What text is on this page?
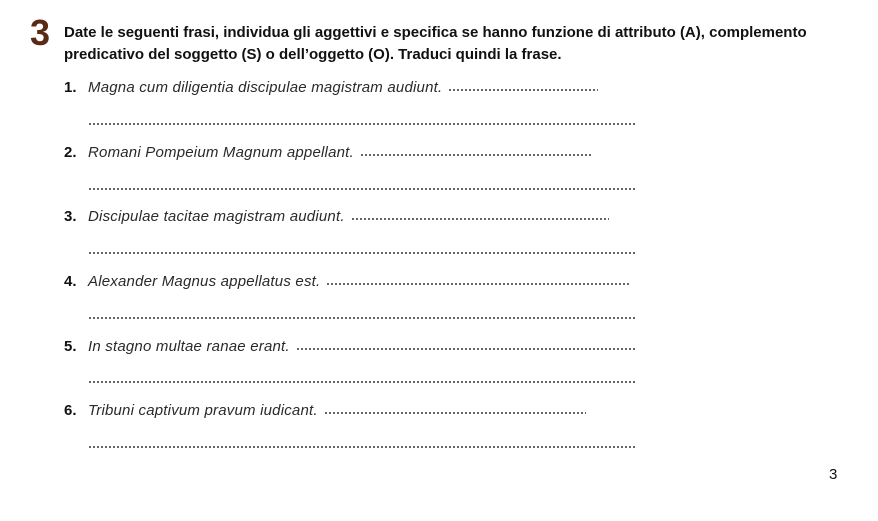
3 Date le seguenti frasi, individua gli aggettivi e specifica se hanno funzione di attributo (A), complemento predicativo del soggetto (S) o dell’oggetto (O). Traduci quindi la frase.
1. Magna cum diligentia discipulae magistram audiunt.
2. Romani Pompeium Magnum appellant.
3. Discipulae tacitae magistram audiunt.
4. Alexander Magnus appellatus est.
5. In stagno multae ranae erant.
6. Tribuni captivum pravum iudicant.
3
